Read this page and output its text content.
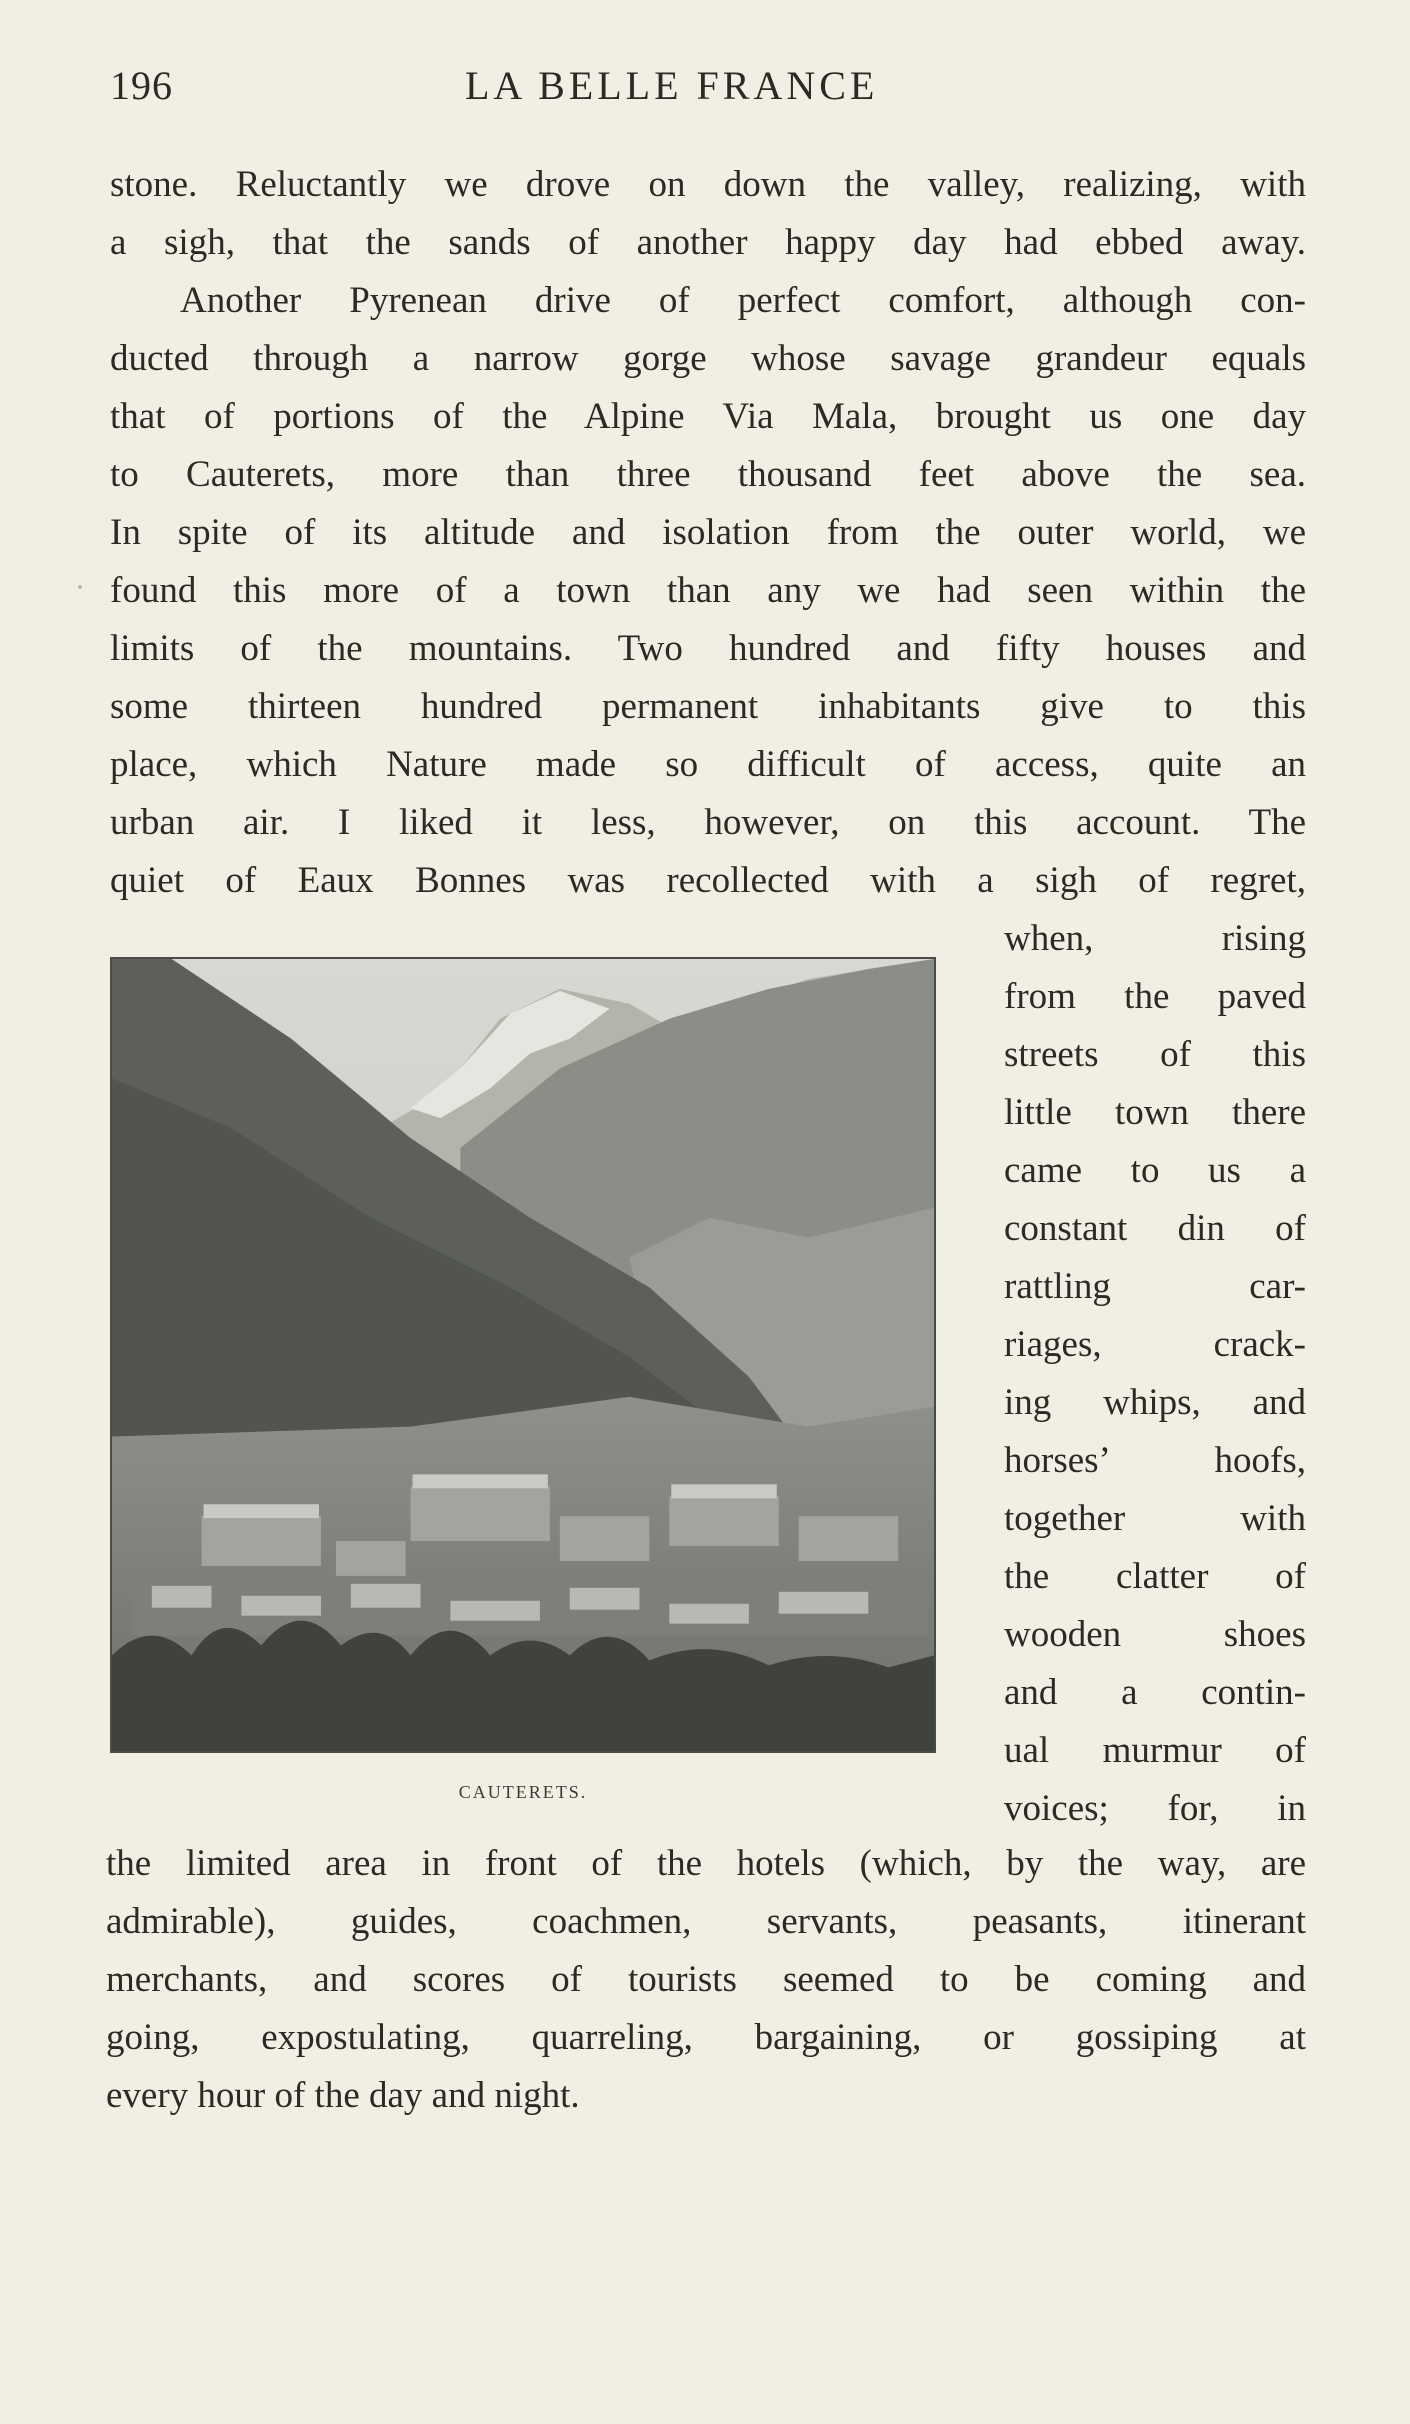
196	LA BELLE FRANCE
stone. Reluctantly we drove on down the valley, realizing, with
a sigh, that the sands of another happy day had ebbed away.
Another Pyrenean drive of perfect comfort, although con-
ducted through a narrow gorge whose savage grandeur equals
that of portions of the Alpine Via Mala, brought us one day
to Cauterets, more than three thousand feet above the sea.
In spite of its altitude and isolation from the outer world, we
found this more of a town than any we had seen within the
limits of the mountains. Two hundred and fifty houses and
some thirteen hundred permanent inhabitants give to this
place, which Nature made so difficult of access, quite an
urban air. I liked it less, however, on this account. The
quiet of Eaux Bonnes was recollected with a sigh of regret,
when, rising
from the paved
streets of this
little town there
came to us a
constant din of
rattling car-
riages, crack-
ing whips, and
horses’ hoofs,
together with
the clatter of
wooden shoes
and a contin-
ual murmur of
voices; for, in
CAUTERETS.
the limited area in front of the hotels (which, by the way, are
admirable), guides, coachmen, servants, peasants, itinerant
merchants, and scores of tourists seemed to be coming and
going, expostulating, quarreling, bargaining, or gossiping at
every hour of the day and night.
